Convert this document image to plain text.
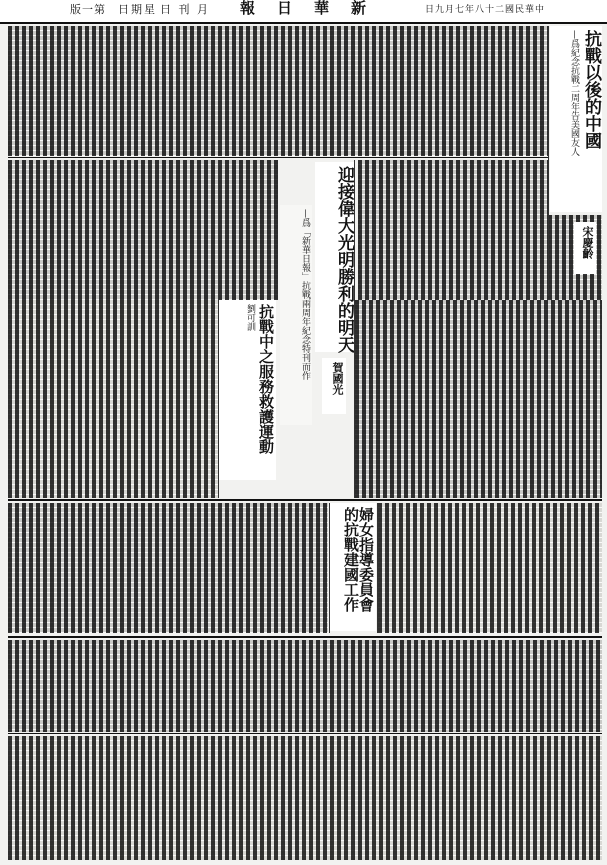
版一第 日期星 日 刊 月 報日華新	日九月七年八十二國民華中
抗戰以後的中國
—爲紀念抗戰二周年告美國友人
宋慶齡
迎接偉大光明勝利的明天
—爲「新華日報」抗戰兩周年紀念特刊而作 賀國光
抗戰中之服務救護運動
劉可訓
婦女指導委員會的抗戰建國工作
